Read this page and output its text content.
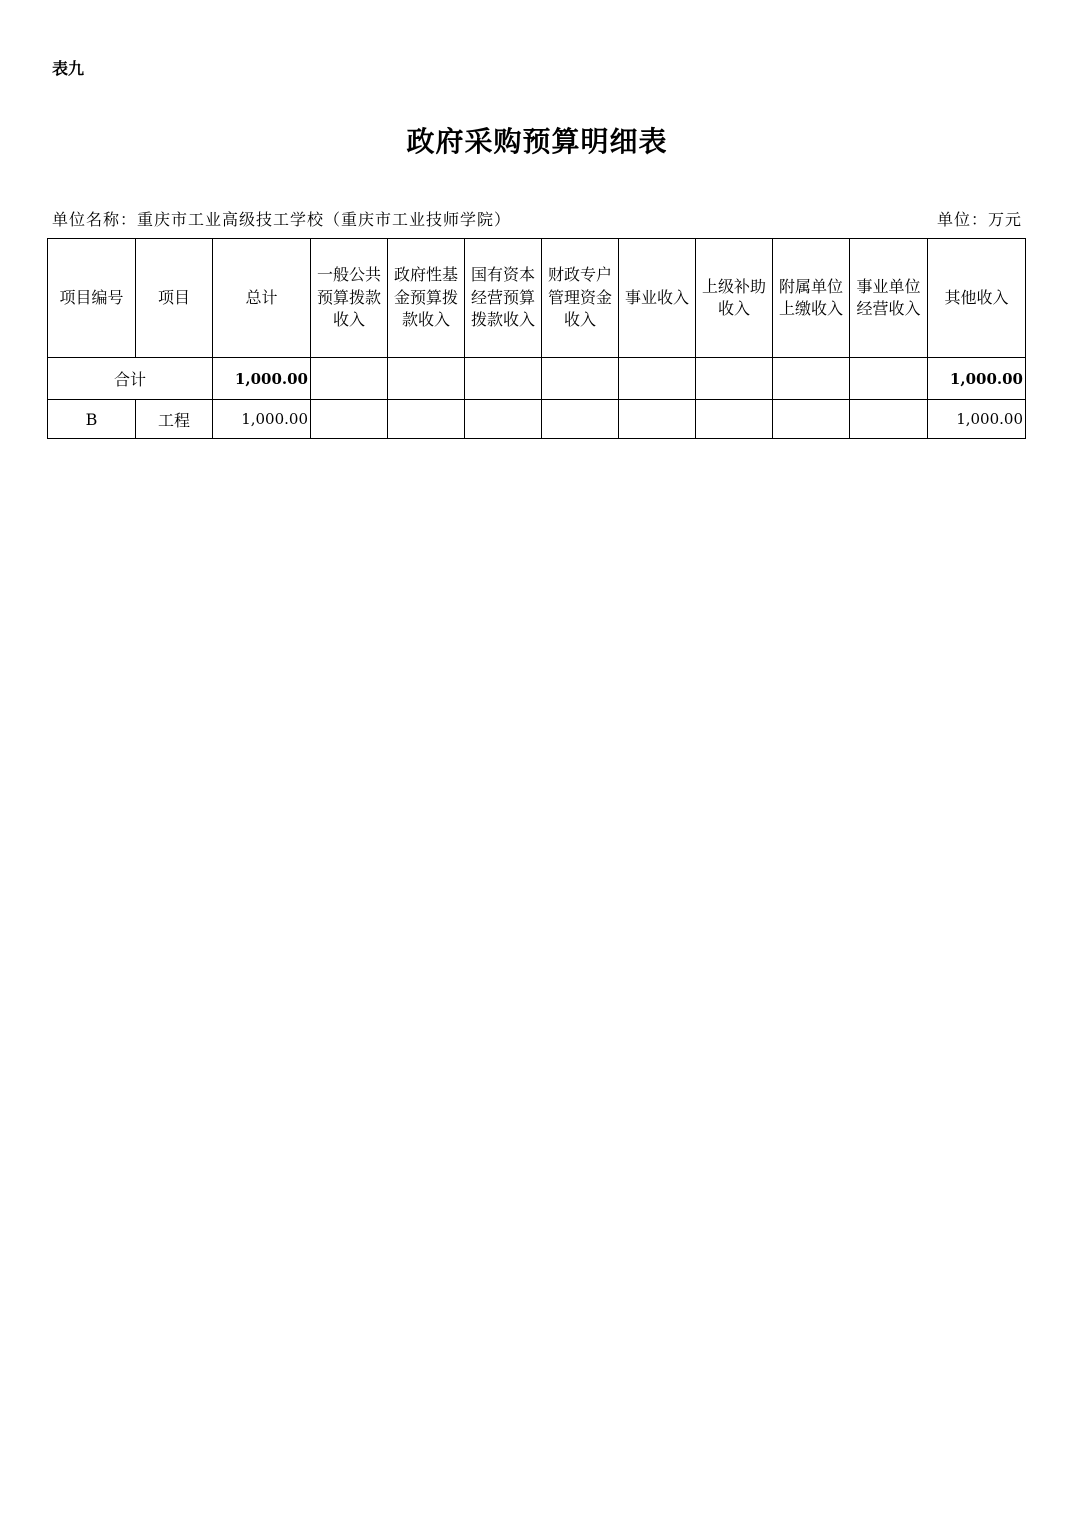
表九
政府采购预算明细表
单位名称：重庆市工业高级技工学校（重庆市工业技师学院）	单位：万元
项目编号	项目	总计	一般公共预算拨款收入	政府性基金预算拨款收入	国有资本经营预算拨款收入	财政专户管理资金收入	事业收入	上级补助收入	附属单位上缴收入	事业单位经营收入	其他收入
合计		1,000.00									1,000.00
B	工程	1,000.00									1,000.00
